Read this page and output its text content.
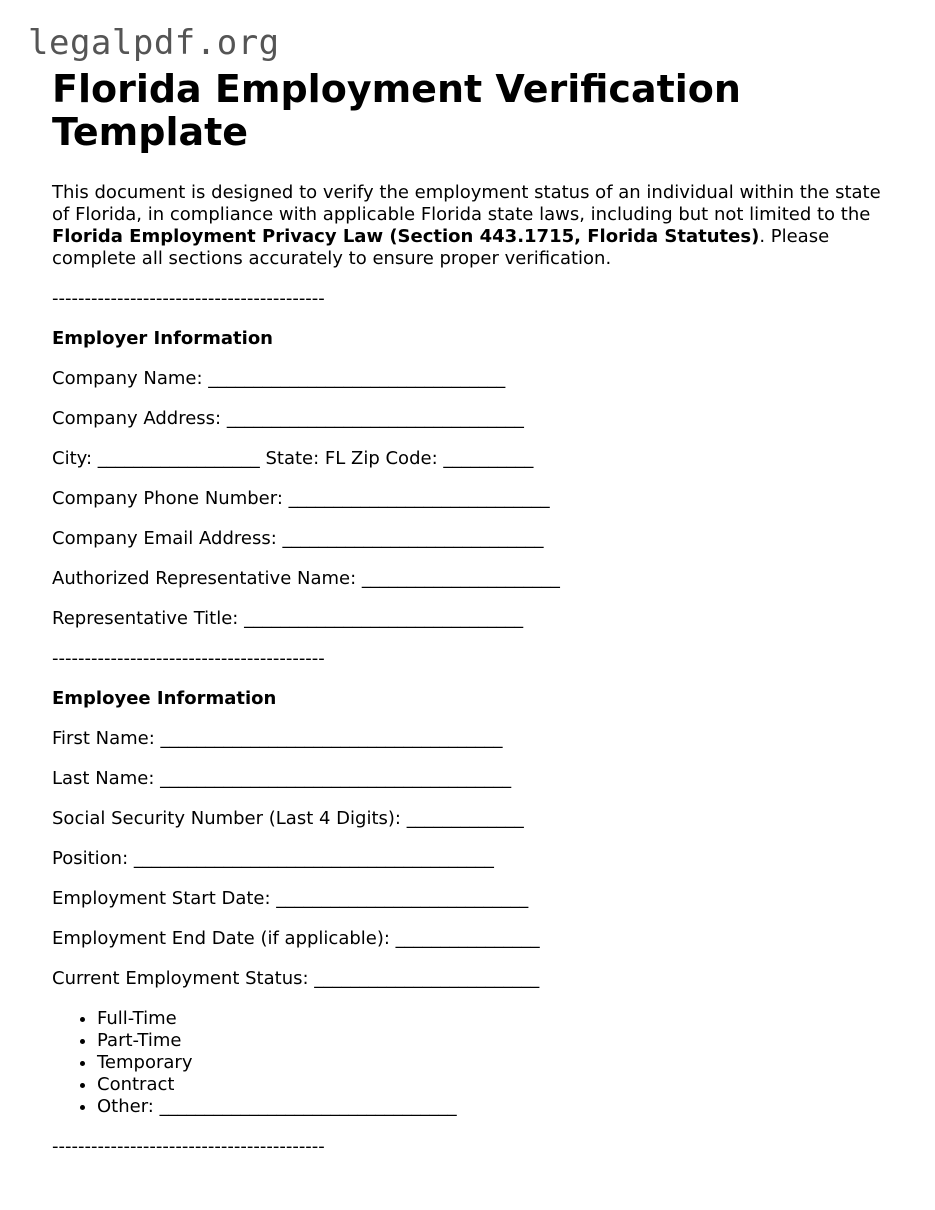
legalpdf.org
Florida Employment Verification Template

This document is designed to verify the employment status of an individual within the state of Florida, in compliance with applicable Florida state laws, including but not limited to the Florida Employment Privacy Law (Section 443.1715, Florida Statutes). Please complete all sections accurately to ensure proper verification.

------------------------------------------
Employer Information
Company Name: _________________________________
Company Address: _________________________________
City: __________________ State: FL Zip Code: __________
Company Phone Number: _____________________________
Company Email Address: _____________________________
Authorized Representative Name: ______________________
Representative Title: _______________________________
------------------------------------------
Employee Information
First Name: ______________________________________
Last Name: _______________________________________
Social Security Number (Last 4 Digits): _____________
Position: ________________________________________
Employment Start Date: ____________________________
Employment End Date (if applicable): ________________
Current Employment Status: _________________________
• Full-Time
• Part-Time
• Temporary
• Contract
• Other: _________________________________
------------------------------------------
